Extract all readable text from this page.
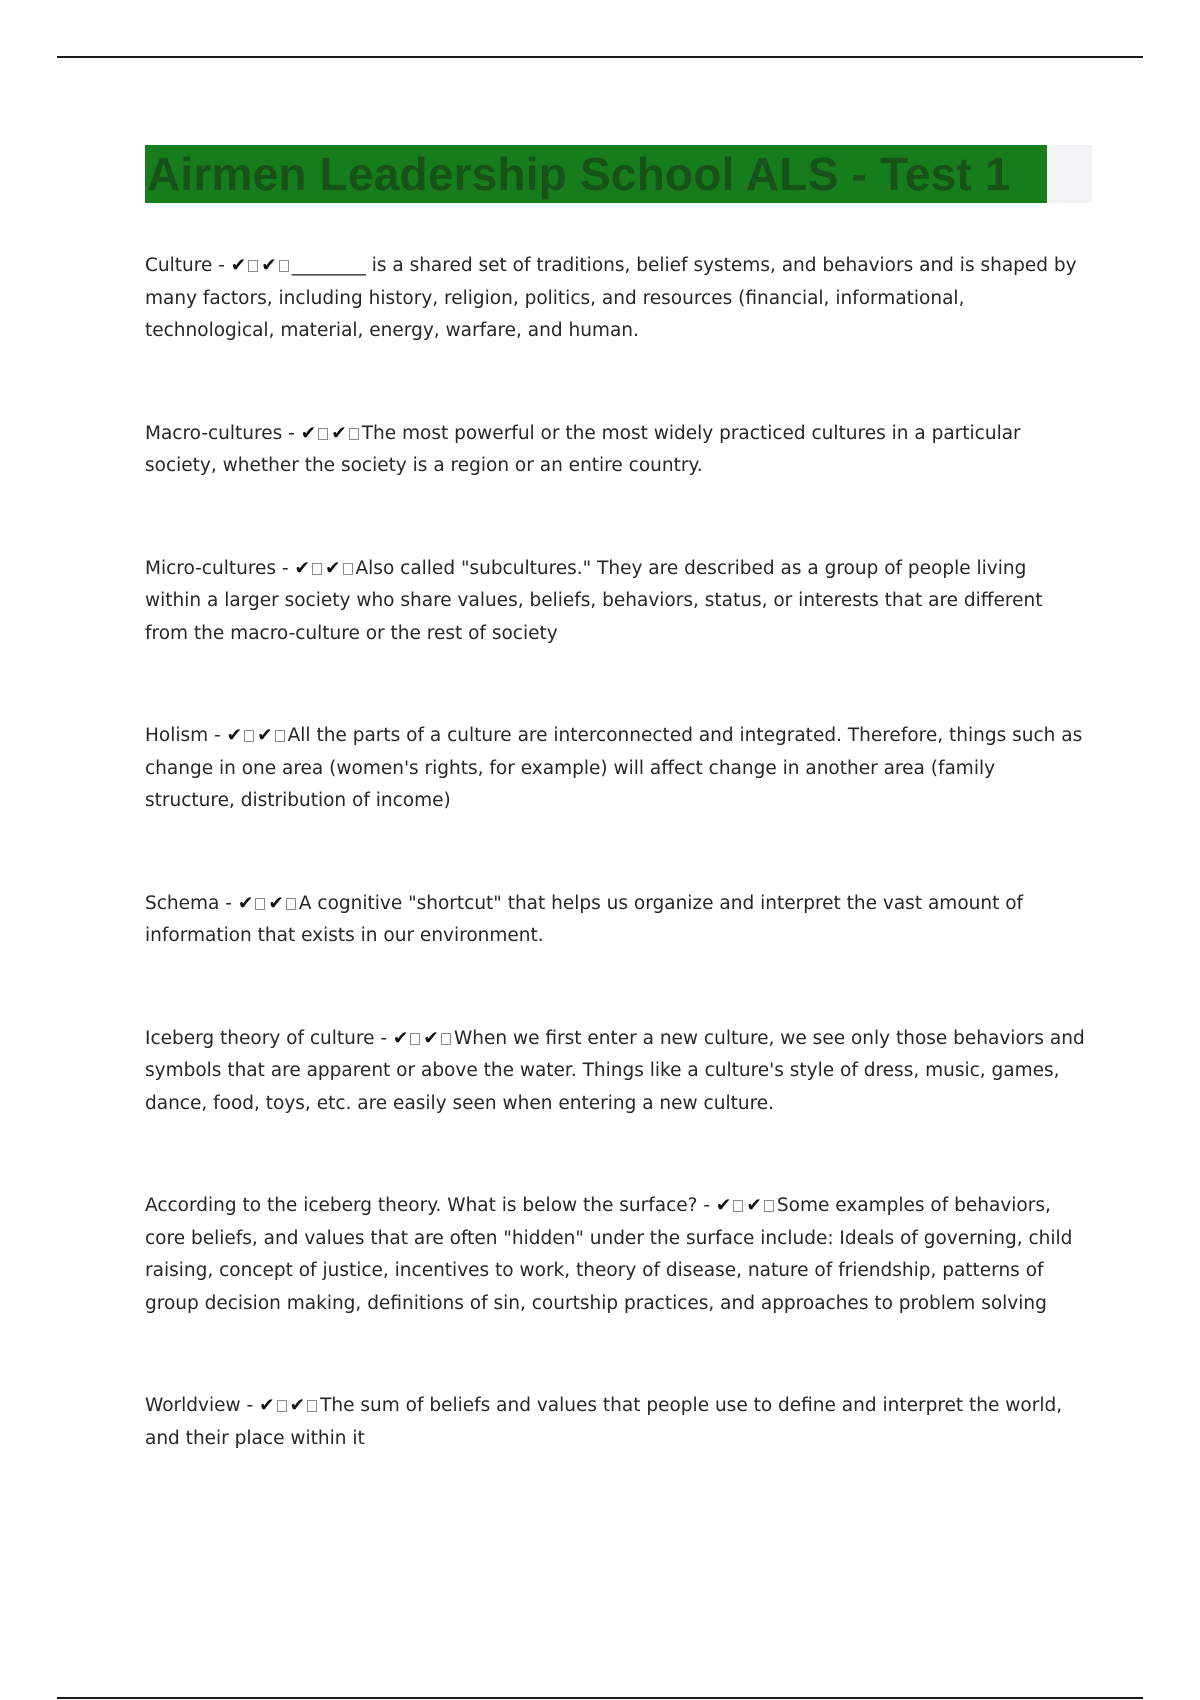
Airmen Leadership School ALS - Test 1

Culture - ✔ ✔ ________ is a shared set of traditions, belief systems, and behaviors and is shaped by many factors, including history, religion, politics, and resources (financial, informational, technological, material, energy, warfare, and human.

Macro-cultures - ✔ ✔ The most powerful or the most widely practiced cultures in a particular society, whether the society is a region or an entire country.

Micro-cultures - ✔ ✔ Also called "subcultures." They are described as a group of people living within a larger society who share values, beliefs, behaviors, status, or interests that are different from the macro-culture or the rest of society

Holism - ✔ ✔ All the parts of a culture are interconnected and integrated. Therefore, things such as change in one area (women's rights, for example) will affect change in another area (family structure, distribution of income)

Schema - ✔ ✔ A cognitive "shortcut" that helps us organize and interpret the vast amount of information that exists in our environment.

Iceberg theory of culture - ✔ ✔ When we first enter a new culture, we see only those behaviors and symbols that are apparent or above the water. Things like a culture's style of dress, music, games, dance, food, toys, etc. are easily seen when entering a new culture.

According to the iceberg theory. What is below the surface? - ✔ ✔ Some examples of behaviors, core beliefs, and values that are often "hidden" under the surface include: Ideals of governing, child raising, concept of justice, incentives to work, theory of disease, nature of friendship, patterns of group decision making, definitions of sin, courtship practices, and approaches to problem solving

Worldview - ✔ ✔ The sum of beliefs and values that people use to define and interpret the world, and their place within it
